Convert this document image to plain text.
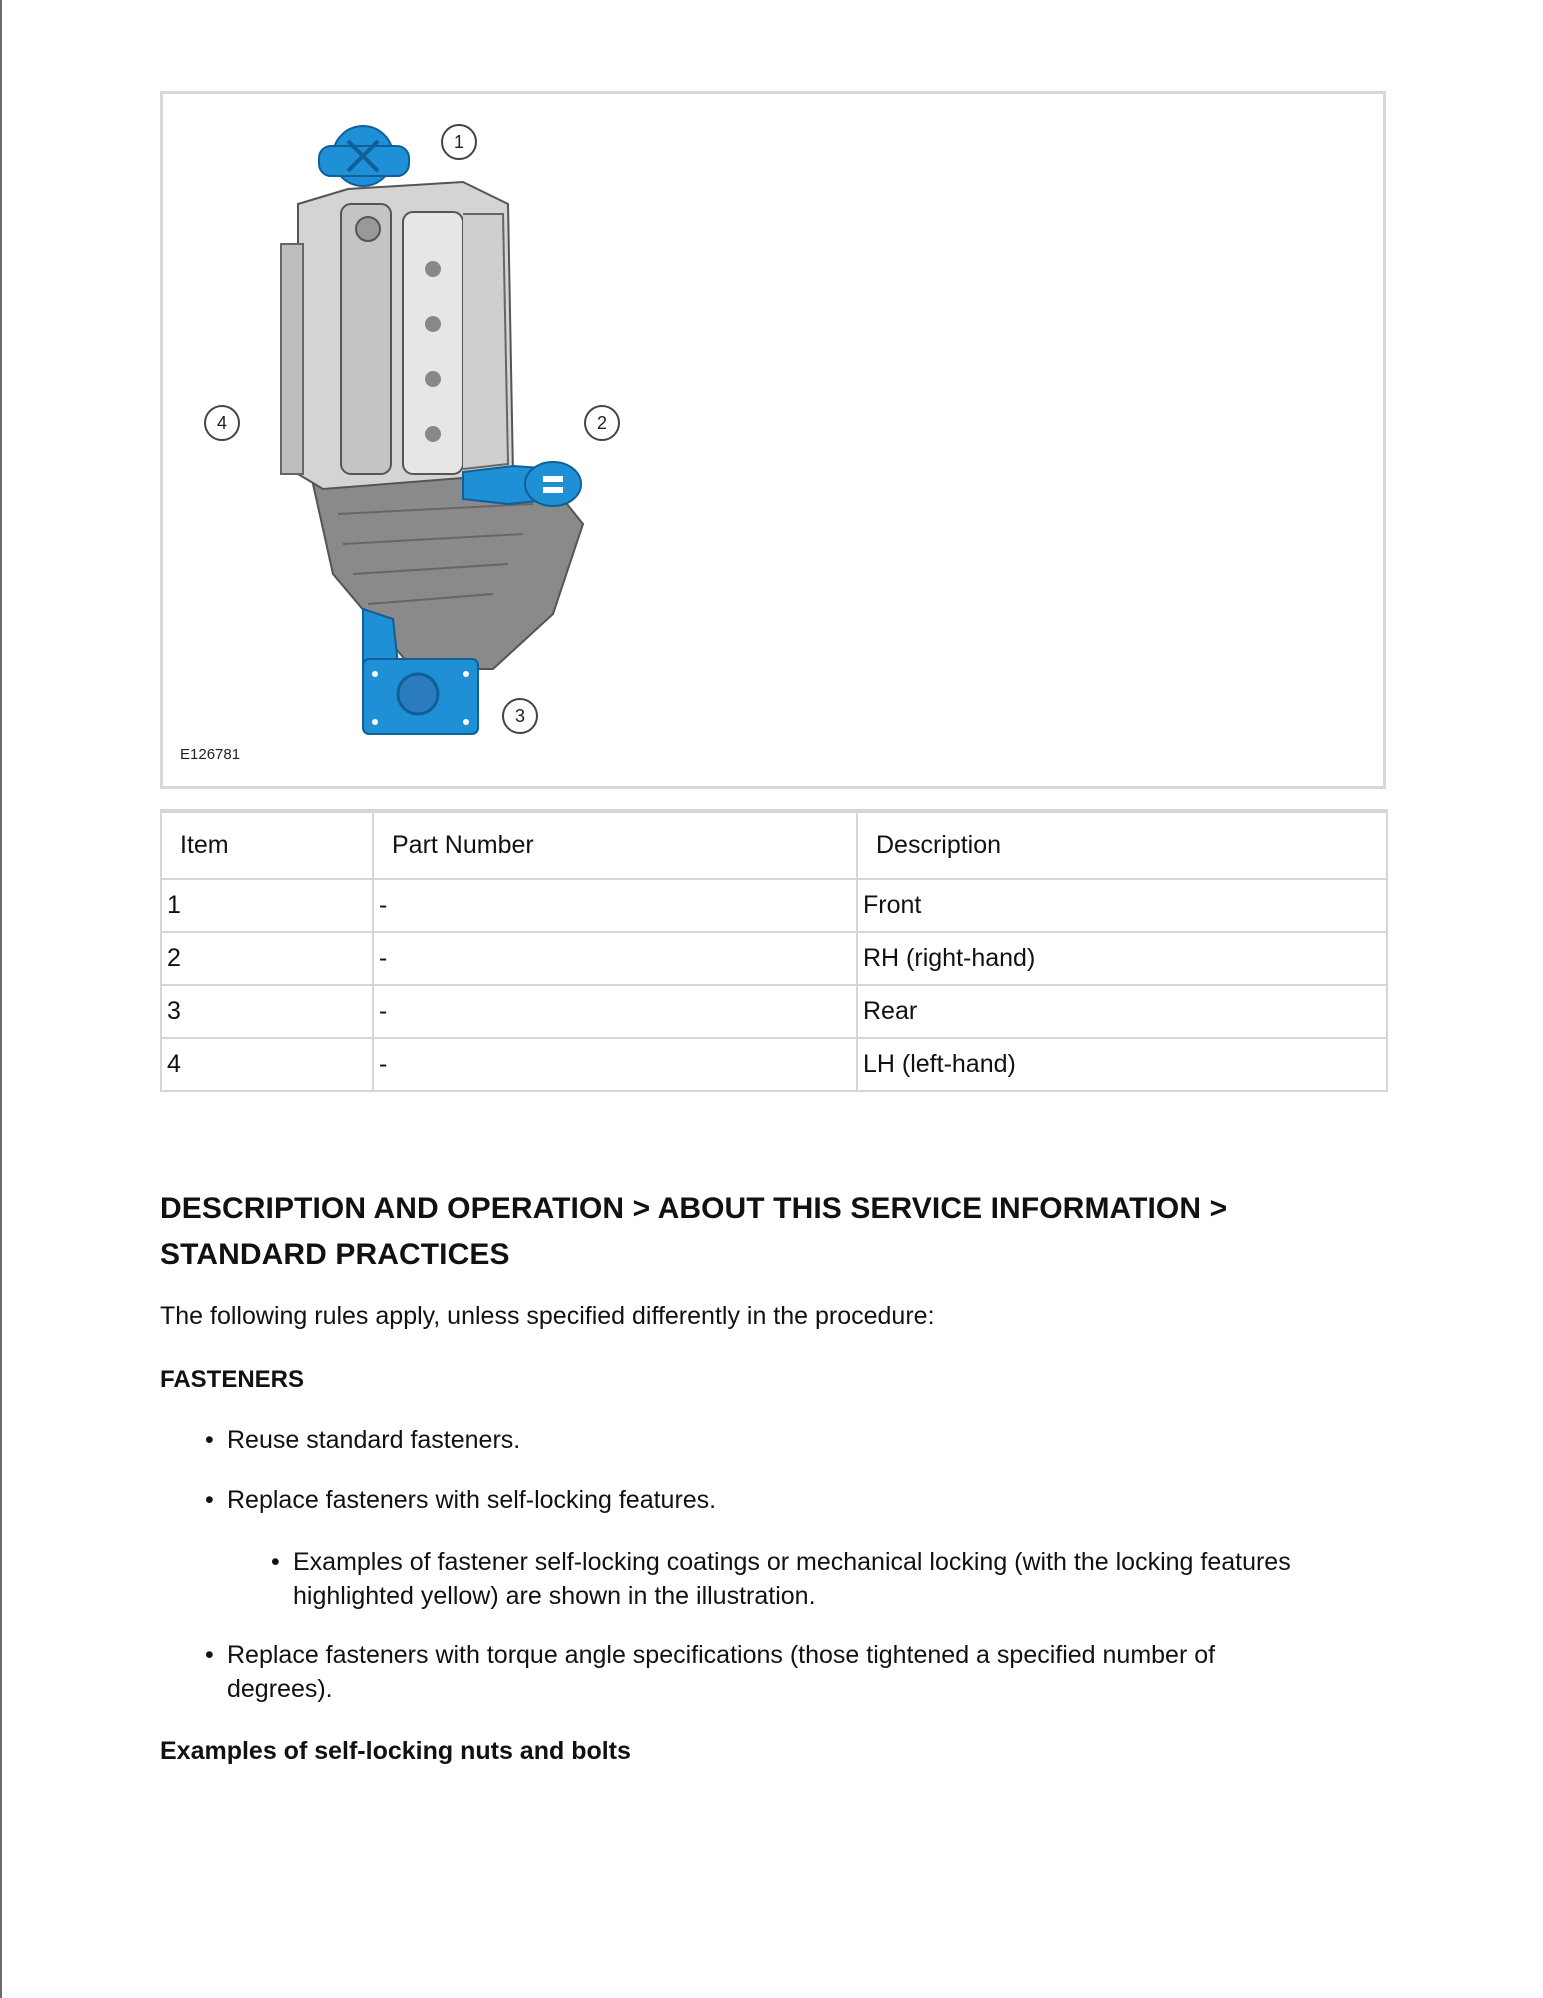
1
2
3
4
E126781
Item	Part Number	Description
1	-	Front
2	-	RH (right-hand)
3	-	Rear
4	-	LH (left-hand)
DESCRIPTION AND OPERATION > ABOUT THIS SERVICE INFORMATION >
STANDARD PRACTICES

The following rules apply, unless specified differently in the procedure:

FASTENERS

• Reuse standard fasteners.
• Replace fasteners with self-locking features.
• Examples of fastener self-locking coatings or mechanical locking (with the locking features highlighted yellow) are shown in the illustration.
• Replace fasteners with torque angle specifications (those tightened a specified number of degrees).

Examples of self-locking nuts and bolts
